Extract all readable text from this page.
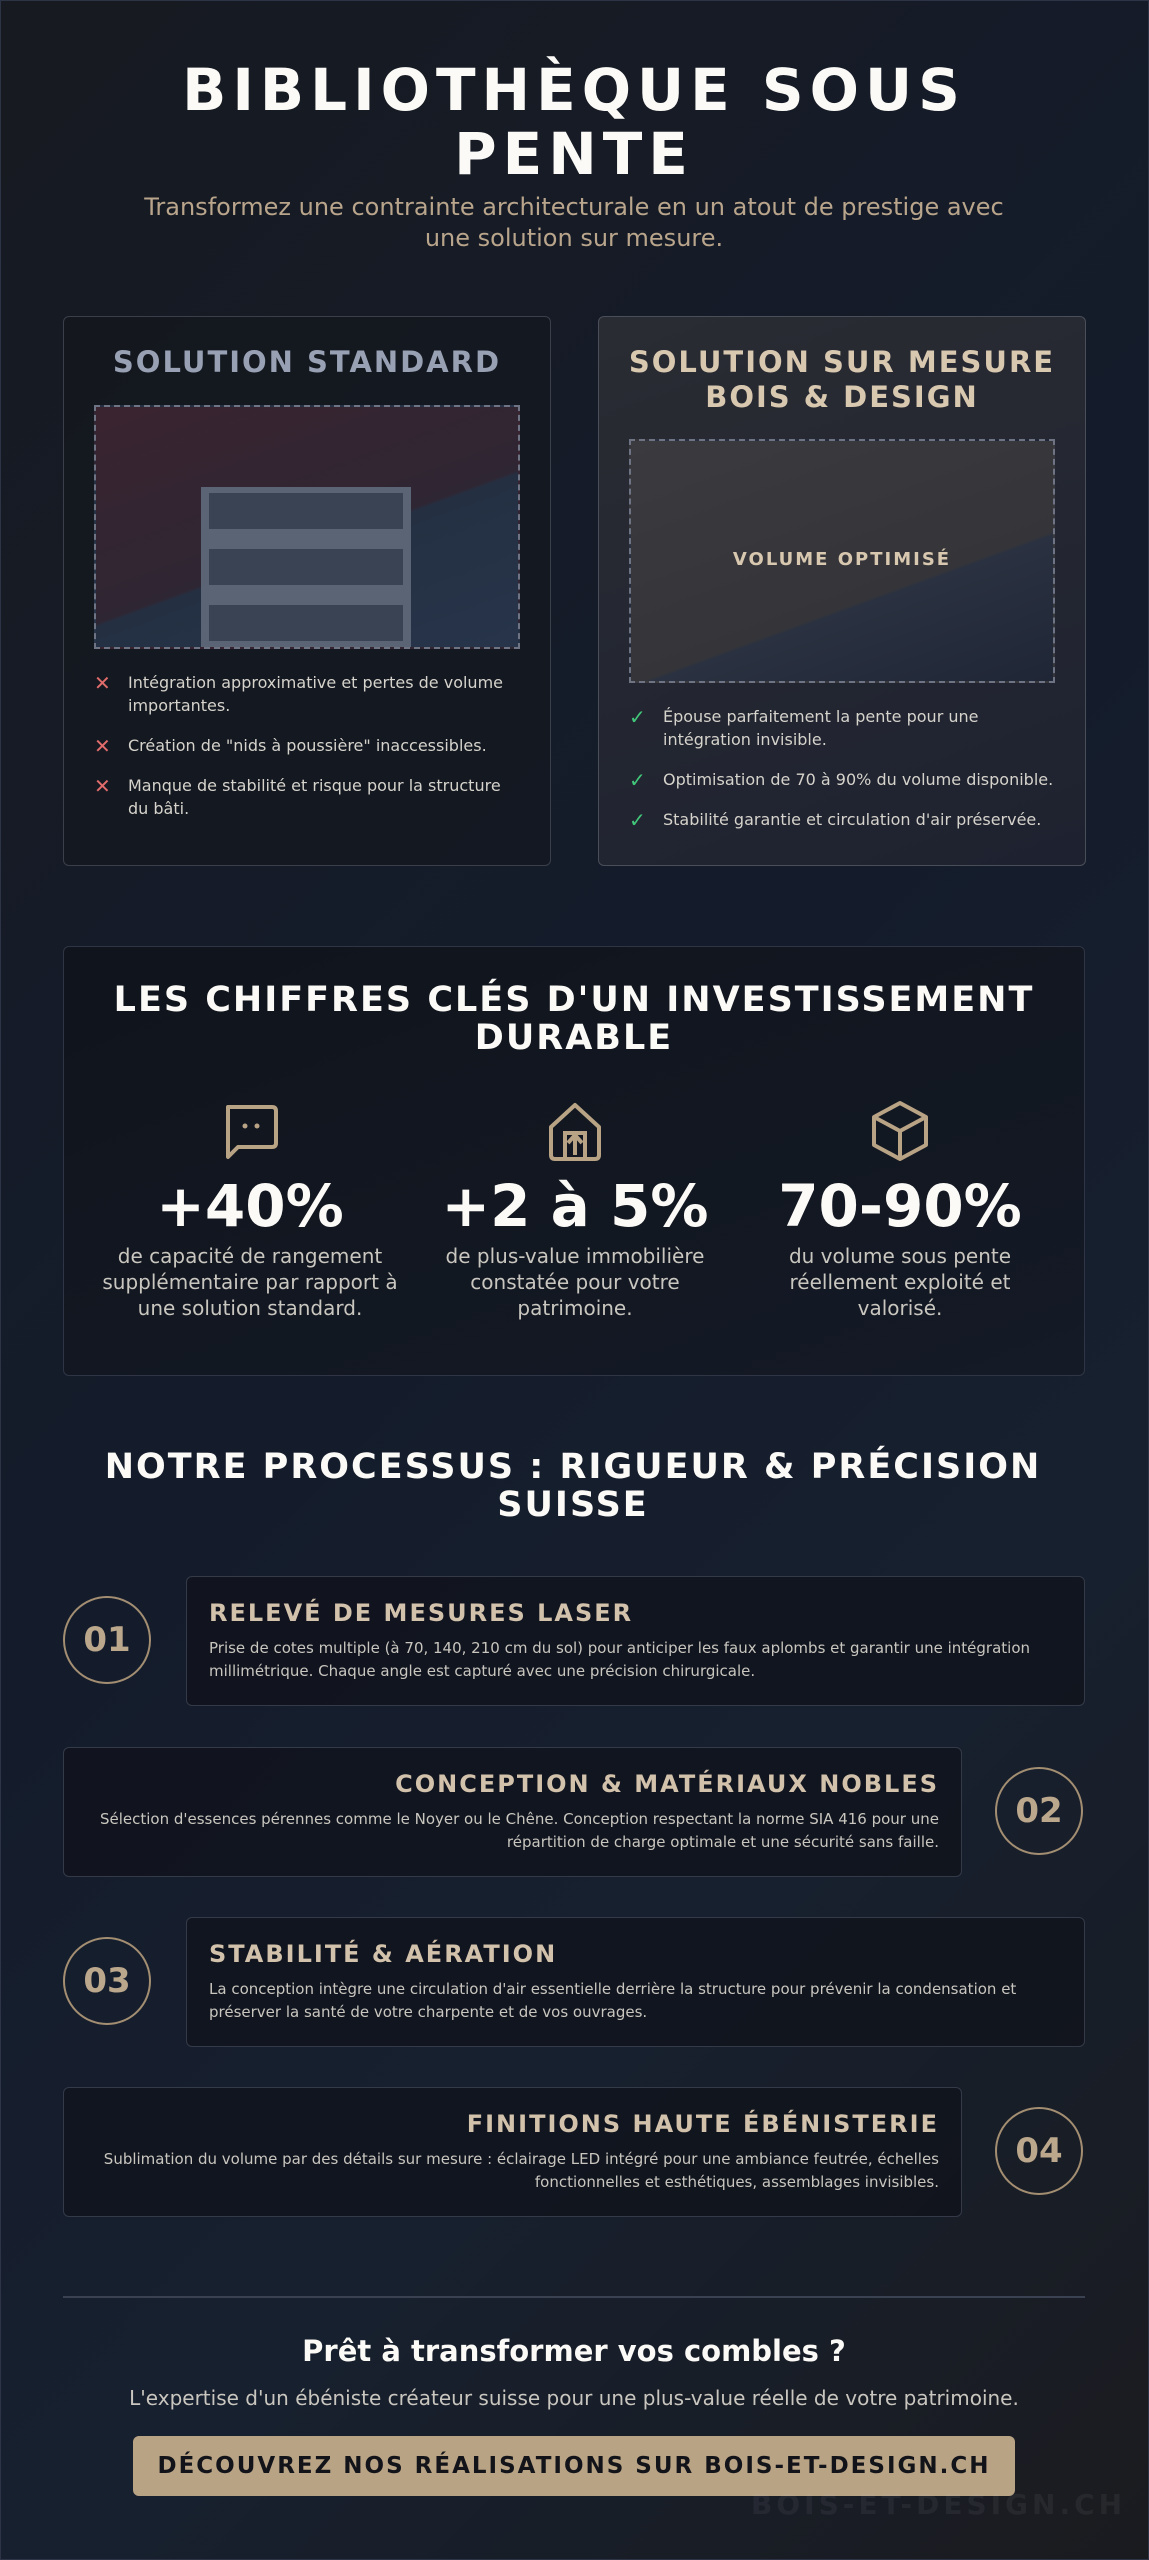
BIBLIOTHÈQUE SOUS PENTE
Transformez une contrainte architecturale en un atout de prestige avec une solution sur mesure.
SOLUTION STANDARD
✕ Intégration approximative et pertes de volume importantes.
✕ Création de "nids à poussière" inaccessibles.
✕ Manque de stabilité et risque pour la structure du bâti.
SOLUTION SUR MESURE BOIS & DESIGN
VOLUME OPTIMISÉ
✓ Épouse parfaitement la pente pour une intégration invisible.
✓ Optimisation de 70 à 90% du volume disponible.
✓ Stabilité garantie et circulation d'air préservée.
LES CHIFFRES CLÉS D'UN INVESTISSEMENT DURABLE
+40%
de capacité de rangement supplémentaire par rapport à une solution standard.
+2 à 5%
de plus-value immobilière constatée pour votre patrimoine.
70-90%
du volume sous pente réellement exploité et valorisé.
NOTRE PROCESSUS : RIGUEUR & PRÉCISION SUISSE
01
RELEVÉ DE MESURES LASER
Prise de cotes multiple (à 70, 140, 210 cm du sol) pour anticiper les faux aplombs et garantir une intégration millimétrique. Chaque angle est capturé avec une précision chirurgicale.
CONCEPTION & MATÉRIAUX NOBLES
Sélection d'essences pérennes comme le Noyer ou le Chêne. Conception respectant la norme SIA 416 pour une répartition de charge optimale et une sécurité sans faille.
02
03
STABILITÉ & AÉRATION
La conception intègre une circulation d'air essentielle derrière la structure pour prévenir la condensation et préserver la santé de votre charpente et de vos ouvrages.
FINITIONS HAUTE ÉBÉNISTERIE
Sublimation du volume par des détails sur mesure : éclairage LED intégré pour une ambiance feutrée, échelles fonctionnelles et esthétiques, assemblages invisibles.
04
Prêt à transformer vos combles ?
L'expertise d'un ébéniste créateur suisse pour une plus-value réelle de votre patrimoine.
DÉCOUVREZ NOS RÉALISATIONS SUR BOIS-ET-DESIGN.CH
BOIS-ET-DESIGN.CH
